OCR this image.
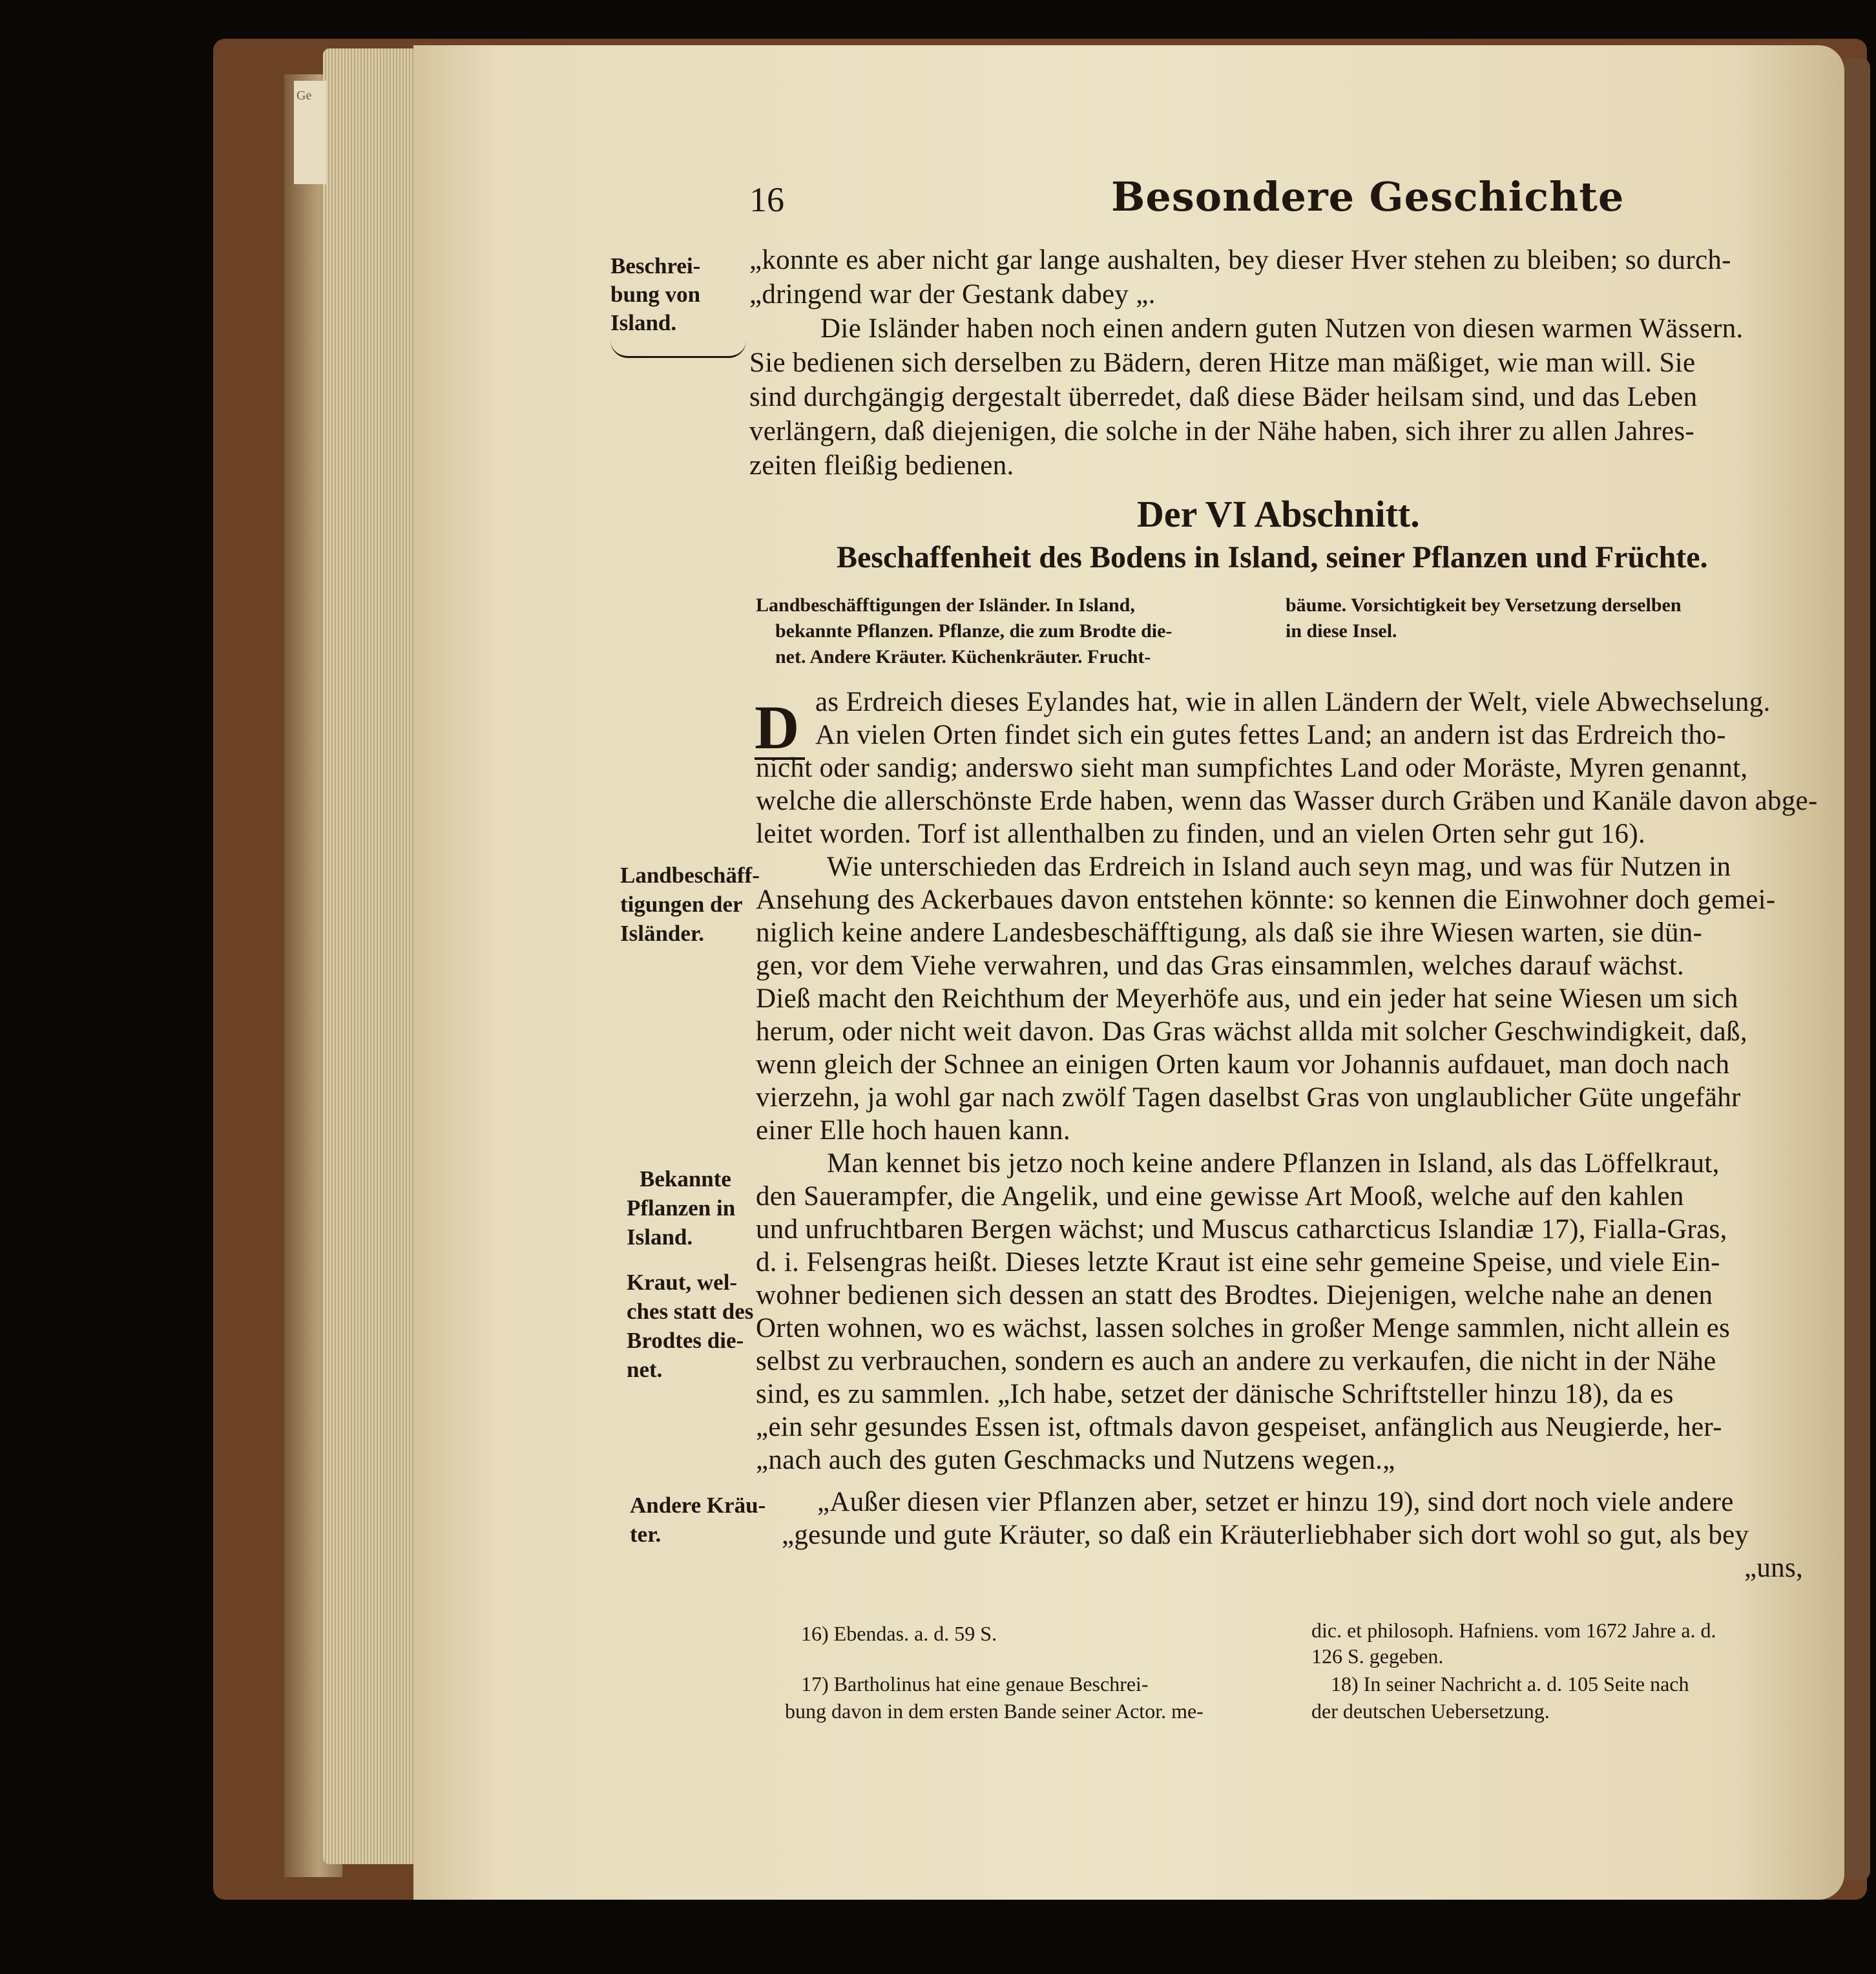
Ge

16	Besondere Geschichte

Beschrei-

bung von

Island.

Landbeschäff-

tigungen der

Isländer.

Bekannte

Pflanzen in

Island.

Kraut, wel-

ches statt des

Brodtes die-

net.

Andere Kräu-

ter.

„konnte es aber nicht gar lange aushalten, bey dieser Hver stehen zu bleiben; so durch-

„dringend war der Gestank dabey „.

Die Isländer haben noch einen andern guten Nutzen von diesen warmen Wässern.

Sie bedienen sich derselben zu Bädern, deren Hitze man mäßiget, wie man will. Sie

sind durchgängig dergestalt überredet, daß diese Bäder heilsam sind, und das Leben

verlängern, daß diejenigen, die solche in der Nähe haben, sich ihrer zu allen Jahres-

zeiten fleißig bedienen.

Der VI Abschnitt.

Beschaffenheit des Bodens in Island, seiner Pflanzen und Früchte.

Landbeschäfftigungen der Isländer. In Island,

bekannte Pflanzen. Pflanze, die zum Brodte die-

net. Andere Kräuter. Küchenkräuter. Frucht-

bäume. Vorsichtigkeit bey Versetzung derselben

in diese Insel.

D as Erdreich dieses Eylandes hat, wie in allen Ländern der Welt, viele Abwechselung.

An vielen Orten findet sich ein gutes fettes Land; an andern ist das Erdreich tho-

nicht oder sandig; anderswo sieht man sumpfichtes Land oder Moräste, Myren genannt,

welche die allerschönste Erde haben, wenn das Wasser durch Gräben und Kanäle davon abge-

leitet worden. Torf ist allenthalben zu finden, und an vielen Orten sehr gut 16).

Wie unterschieden das Erdreich in Island auch seyn mag, und was für Nutzen in

Ansehung des Ackerbaues davon entstehen könnte: so kennen die Einwohner doch gemei-

niglich keine andere Landesbeschäfftigung, als daß sie ihre Wiesen warten, sie dün-

gen, vor dem Viehe verwahren, und das Gras einsammlen, welches darauf wächst.

Dieß macht den Reichthum der Meyerhöfe aus, und ein jeder hat seine Wiesen um sich

herum, oder nicht weit davon. Das Gras wächst allda mit solcher Geschwindigkeit, daß,

wenn gleich der Schnee an einigen Orten kaum vor Johannis aufdauet, man doch nach

vierzehn, ja wohl gar nach zwölf Tagen daselbst Gras von unglaublicher Güte ungefähr

einer Elle hoch hauen kann.

Man kennet bis jetzo noch keine andere Pflanzen in Island, als das Löffelkraut,

den Sauerampfer, die Angelik, und eine gewisse Art Mooß, welche auf den kahlen

und unfruchtbaren Bergen wächst; und Muscus catharcticus Islandiæ 17), Fialla-Gras,

d. i. Felsengras heißt. Dieses letzte Kraut ist eine sehr gemeine Speise, und viele Ein-

wohner bedienen sich dessen an statt des Brodtes. Diejenigen, welche nahe an denen

Orten wohnen, wo es wächst, lassen solches in großer Menge sammlen, nicht allein es

selbst zu verbrauchen, sondern es auch an andere zu verkaufen, die nicht in der Nähe

sind, es zu sammlen. „Ich habe, setzet der dänische Schriftsteller hinzu 18), da es

„ein sehr gesundes Essen ist, oftmals davon gespeiset, anfänglich aus Neugierde, her-

„nach auch des guten Geschmacks und Nutzens wegen.„

„Außer diesen vier Pflanzen aber, setzet er hinzu 19), sind dort noch viele andere

„gesunde und gute Kräuter, so daß ein Kräuterliebhaber sich dort wohl so gut, als bey

„uns,

16) Ebendas. a. d. 59 S.

17) Bartholinus hat eine genaue Beschrei-

bung davon in dem ersten Bande seiner Actor. me-

dic. et philosoph. Hafniens. vom 1672 Jahre a. d.

126 S. gegeben.

18) In seiner Nachricht a. d. 105 Seite nach

der deutschen Uebersetzung.
